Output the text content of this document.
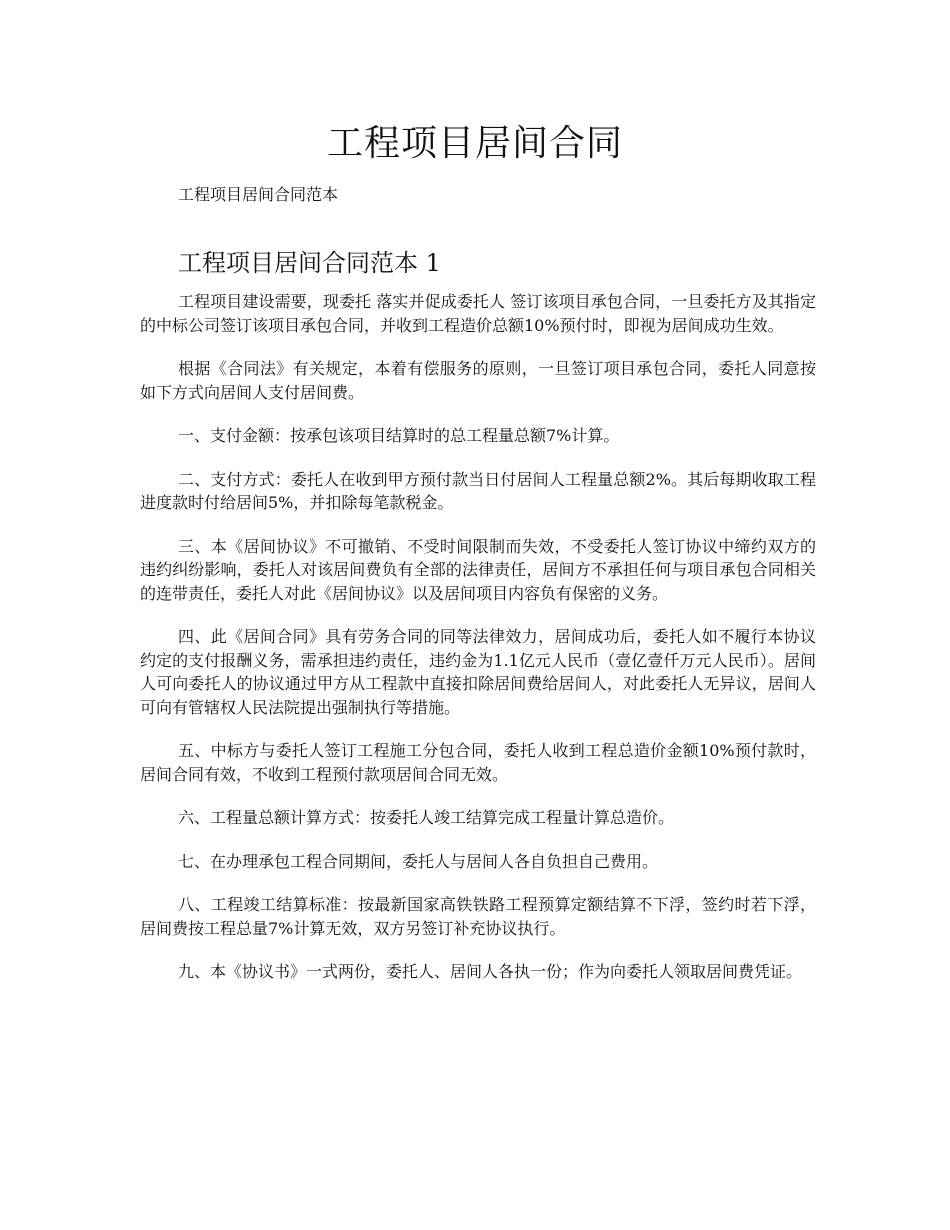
工程项目居间合同
工程项目居间合同范本
工程项目居间合同范本 1

工程项目建设需要，现委托 落实并促成委托人 签订该项目承包合同，一旦委托方及其指定的中标公司签订该项目承包合同，并收到工程造价总额10%预付时，即视为居间成功生效。

根据《合同法》有关规定，本着有偿服务的原则，一旦签订项目承包合同，委托人同意按如下方式向居间人支付居间费。

一、支付金额：按承包该项目结算时的总工程量总额7%计算。

二、支付方式：委托人在收到甲方预付款当日付居间人工程量总额2%。其后每期收取工程进度款时付给居间5%，并扣除每笔款税金。

三、本《居间协议》不可撤销、不受时间限制而失效，不受委托人签订协议中缔约双方的违约纠纷影响，委托人对该居间费负有全部的法律责任，居间方不承担任何与项目承包合同相关的连带责任，委托人对此《居间协议》以及居间项目内容负有保密的义务。

四、此《居间合同》具有劳务合同的同等法律效力，居间成功后，委托人如不履行本协议约定的支付报酬义务，需承担违约责任，违约金为1.1亿元人民币（壹亿壹仟万元人民币）。居间人可向委托人的协议通过甲方从工程款中直接扣除居间费给居间人，对此委托人无异议，居间人可向有管辖权人民法院提出强制执行等措施。

五、中标方与委托人签订工程施工分包合同，委托人收到工程总造价金额10%预付款时，居间合同有效，不收到工程预付款项居间合同无效。

六、工程量总额计算方式：按委托人竣工结算完成工程量计算总造价。

七、在办理承包工程合同期间，委托人与居间人各自负担自己费用。

八、工程竣工结算标准：按最新国家高铁铁路工程预算定额结算不下浮，签约时若下浮，居间费按工程总量7%计算无效，双方另签订补充协议执行。

九、本《协议书》一式两份，委托人、居间人各执一份；作为向委托人领取居间费凭证。
